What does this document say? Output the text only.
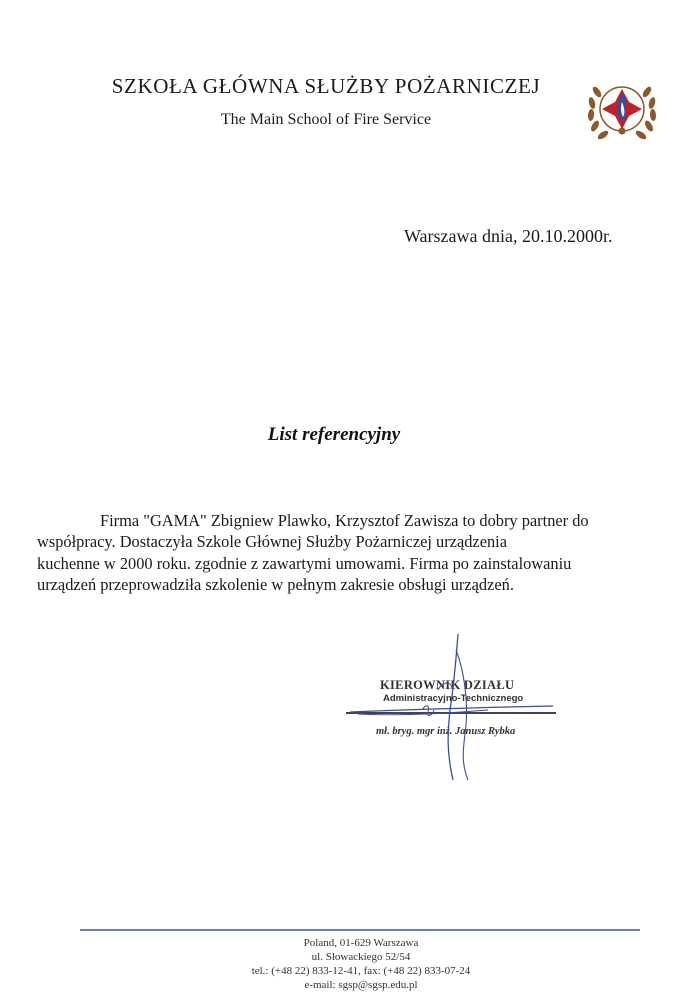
SZKOŁA GŁÓWNA SŁUŻBY POŻARNICZEJ
The Main School of Fire Service
Warszawa dnia, 20.10.2000r.
List referencyjny
Firma "GAMA" Zbigniew Plawko, Krzysztof Zawisza to dobry partner do
współpracy. Dostaczyła Szkole Głównej Służby Pożarniczej urządzenia
kuchenne w 2000 roku. zgodnie z zawartymi umowami. Firma po zainstalowaniu
urządzeń przeprowadziła szkolenie w pełnym zakresie obsługi urządzeń.
KIEROWNIK DZIAŁU
Administracyjno-Technicznego
mł. bryg. mgr inż. Janusz Rybka
Poland, 01-629 Warszawa
ul. Słowackiego 52/54
tel.: (+48 22) 833-12-41, fax: (+48 22) 833-07-24
e-mail: sgsp@sgsp.edu.pl
